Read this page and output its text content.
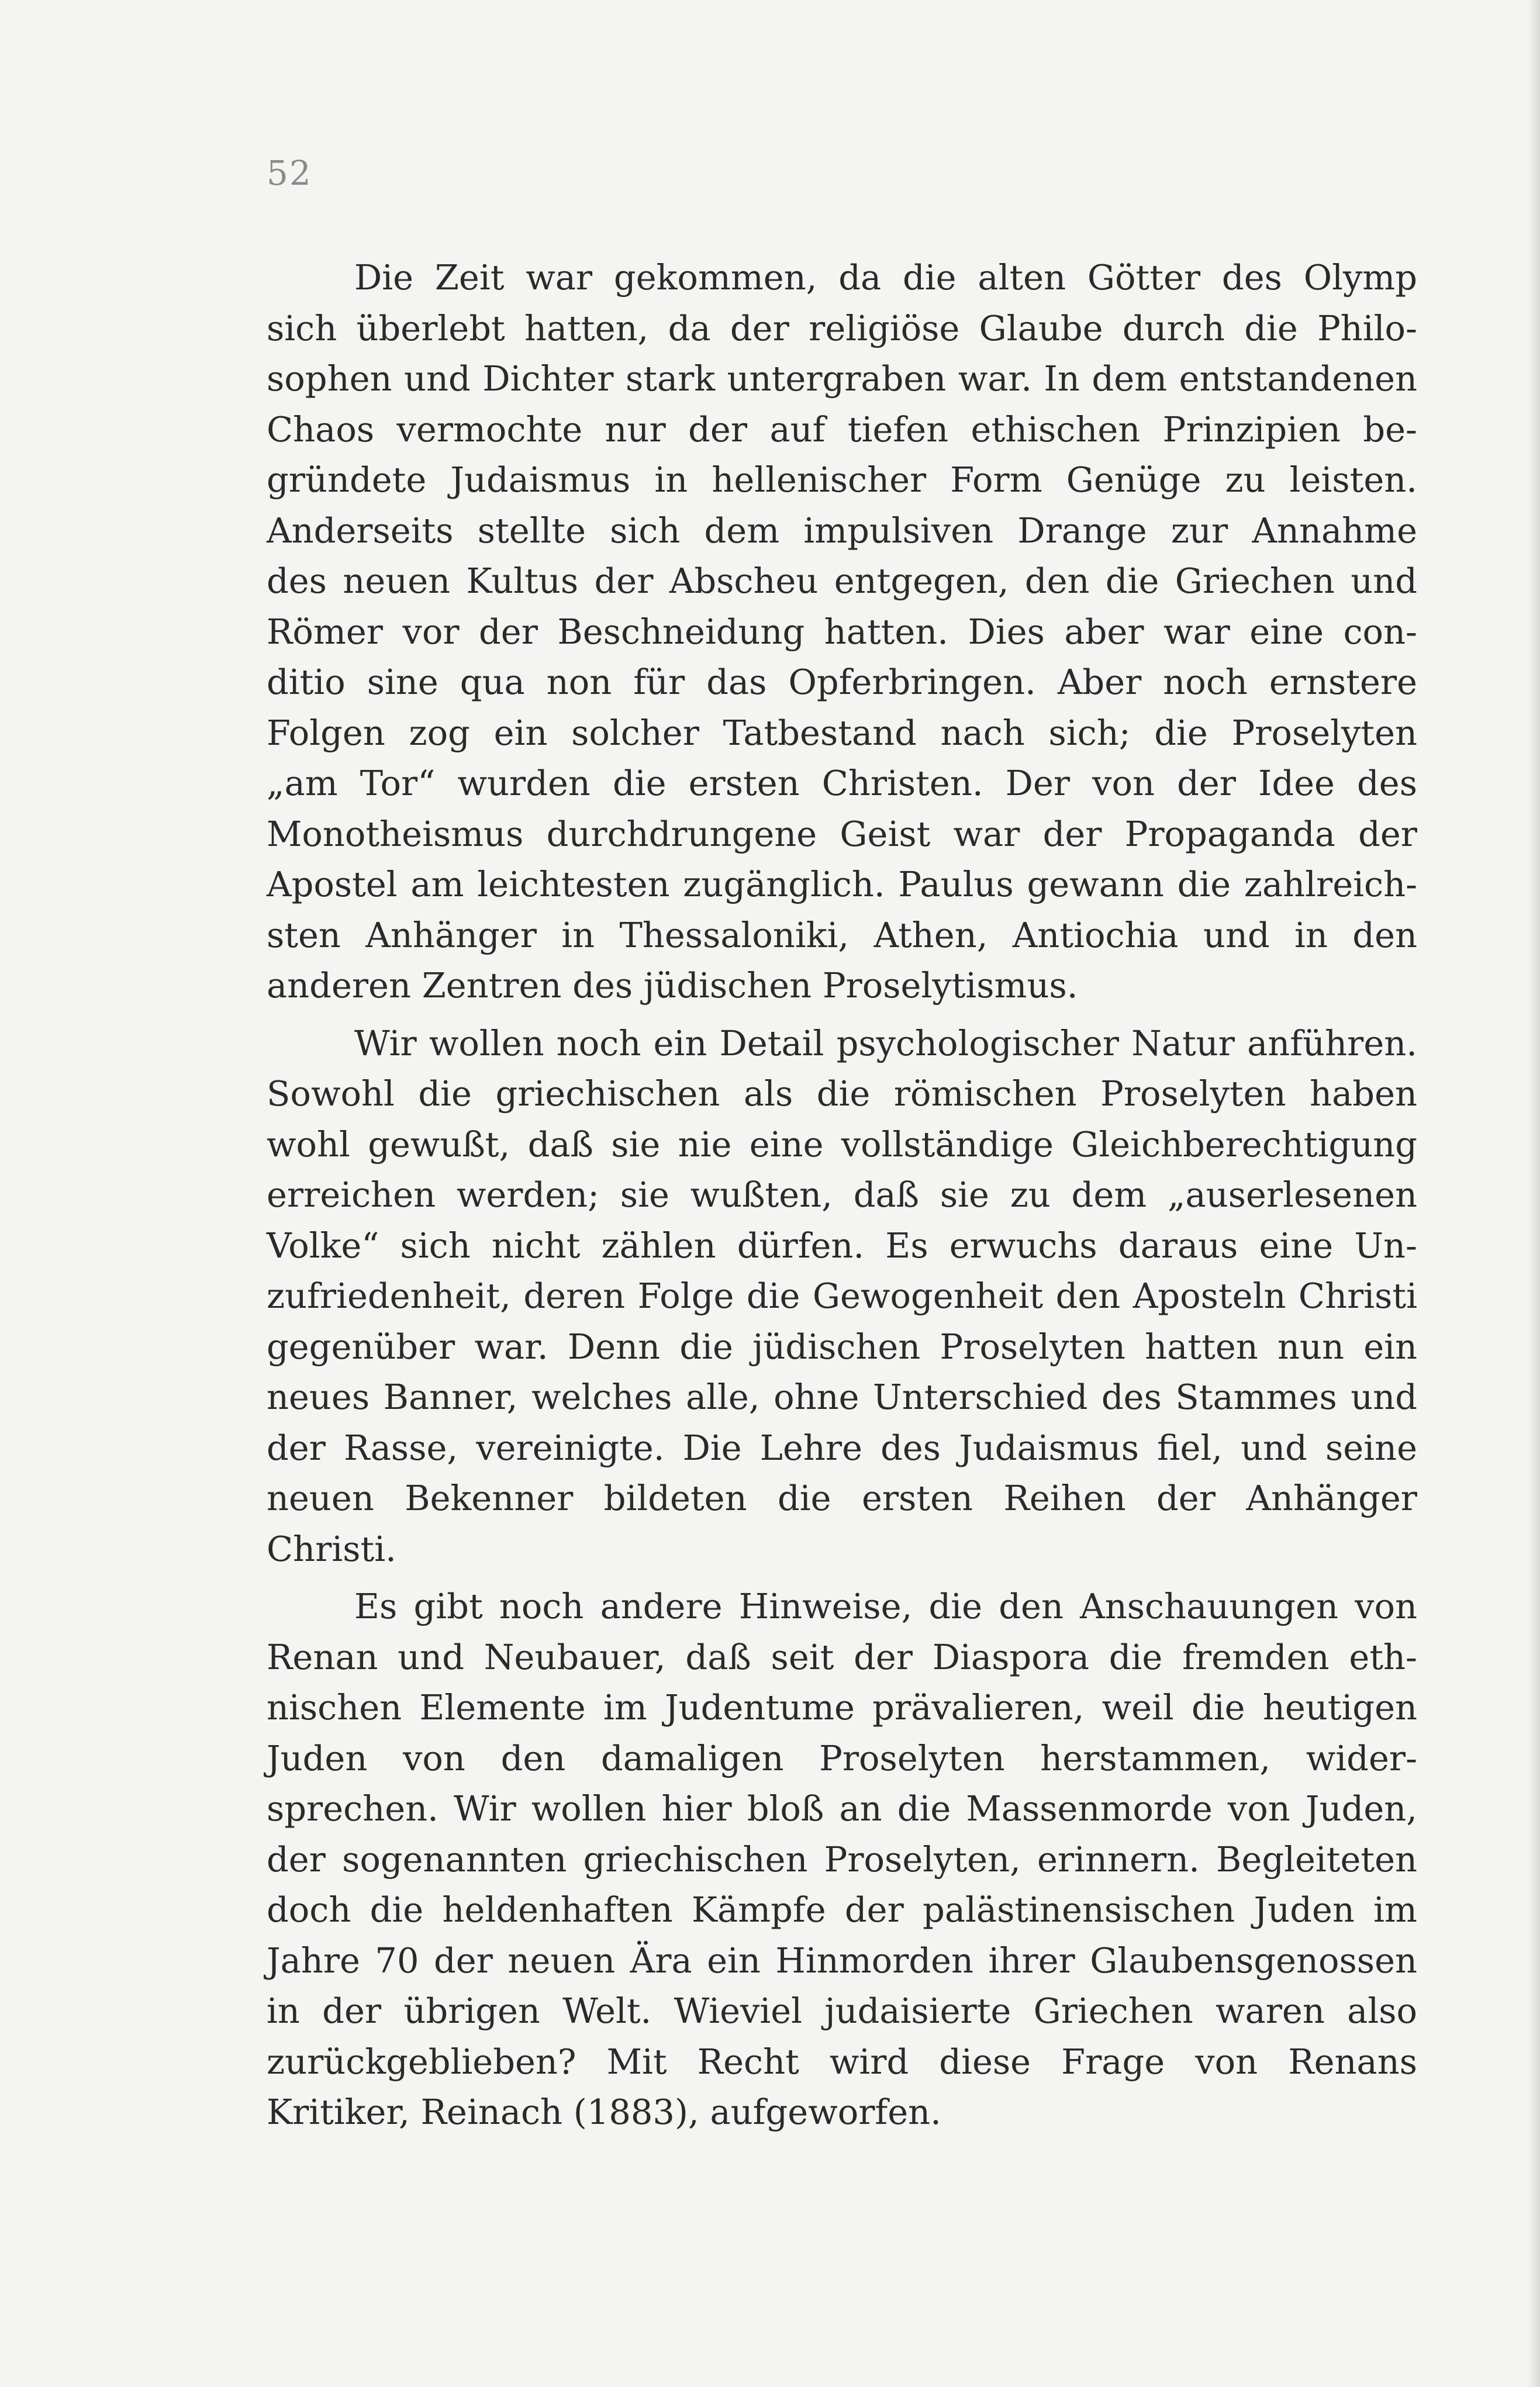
52
Die Zeit war gekommen, da die alten Götter des Olymp
sich überlebt hatten, da der religiöse Glaube durch die Philo-
sophen und Dichter stark untergraben war. In dem entstandenen
Chaos vermochte nur der auf tiefen ethischen Prinzipien be-
gründete Judaismus in hellenischer Form Genüge zu leisten.
Anderseits stellte sich dem impulsiven Drange zur Annahme
des neuen Kultus der Abscheu entgegen, den die Griechen und
Römer vor der Beschneidung hatten. Dies aber war eine con-
ditio sine qua non für das Opferbringen. Aber noch ernstere
Folgen zog ein solcher Tatbestand nach sich; die Proselyten
„am Tor“ wurden die ersten Christen. Der von der Idee des
Monotheismus durchdrungene Geist war der Propaganda der
Apostel am leichtesten zugänglich. Paulus gewann die zahlreich-
sten Anhänger in Thessaloniki, Athen, Antiochia und in den
anderen Zentren des jüdischen Proselytismus.
Wir wollen noch ein Detail psychologischer Natur anführen.
Sowohl die griechischen als die römischen Proselyten haben
wohl gewußt, daß sie nie eine vollständige Gleichberechtigung
erreichen werden; sie wußten, daß sie zu dem „auserlesenen
Volke“ sich nicht zählen dürfen. Es erwuchs daraus eine Un-
zufriedenheit, deren Folge die Gewogenheit den Aposteln Christi
gegenüber war. Denn die jüdischen Proselyten hatten nun ein
neues Banner, welches alle, ohne Unterschied des Stammes und
der Rasse, vereinigte. Die Lehre des Judaismus fiel, und seine
neuen Bekenner bildeten die ersten Reihen der Anhänger
Christi.
Es gibt noch andere Hinweise, die den Anschauungen von
Renan und Neubauer, daß seit der Diaspora die fremden eth-
nischen Elemente im Judentume prävalieren, weil die heutigen
Juden von den damaligen Proselyten herstammen, wider-
sprechen. Wir wollen hier bloß an die Massenmorde von Juden,
der sogenannten griechischen Proselyten, erinnern. Begleiteten
doch die heldenhaften Kämpfe der palästinensischen Juden im
Jahre 70 der neuen Ära ein Hinmorden ihrer Glaubensgenossen
in der übrigen Welt. Wieviel judaisierte Griechen waren also
zurückgeblieben? Mit Recht wird diese Frage von Renans
Kritiker, Reinach (1883), aufgeworfen.
